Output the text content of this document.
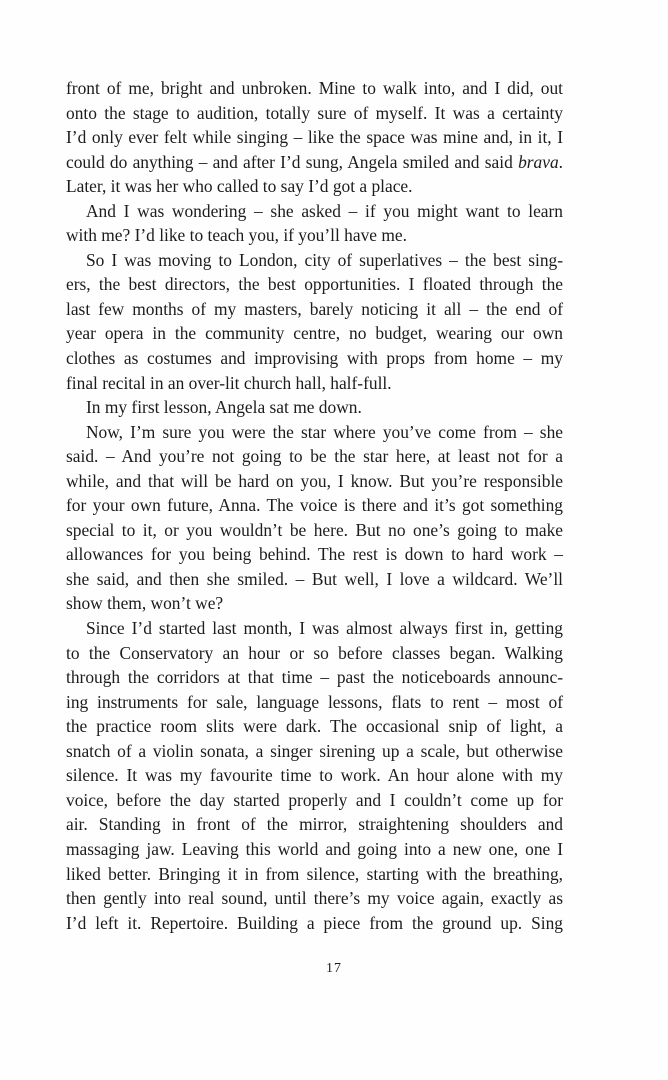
front of me, bright and unbroken. Mine to walk into, and I did, out
onto the stage to audition, totally sure of myself. It was a certainty
I’d only ever felt while singing – like the space was mine and, in it, I
could do anything – and after I’d sung, Angela smiled and said brava.
Later, it was her who called to say I’d got a place.
And I was wondering – she asked – if you might want to learn
with me? I’d like to teach you, if you’ll have me.
So I was moving to London, city of superlatives – the best sing-
ers, the best directors, the best opportunities. I floated through the
last few months of my masters, barely noticing it all – the end of
year opera in the community centre, no budget, wearing our own
clothes as costumes and improvising with props from home – my
final recital in an over-lit church hall, half-full.
In my first lesson, Angela sat me down.
Now, I’m sure you were the star where you’ve come from – she
said. – And you’re not going to be the star here, at least not for a
while, and that will be hard on you, I know. But you’re responsible
for your own future, Anna. The voice is there and it’s got something
special to it, or you wouldn’t be here. But no one’s going to make
allowances for you being behind. The rest is down to hard work –
she said, and then she smiled. – But well, I love a wildcard. We’ll
show them, won’t we?
Since I’d started last month, I was almost always first in, getting
to the Conservatory an hour or so before classes began. Walking
through the corridors at that time – past the noticeboards announc-
ing instruments for sale, language lessons, flats to rent – most of
the practice room slits were dark. The occasional snip of light, a
snatch of a violin sonata, a singer sirening up a scale, but otherwise
silence. It was my favourite time to work. An hour alone with my
voice, before the day started properly and I couldn’t come up for
air. Standing in front of the mirror, straightening shoulders and
massaging jaw. Leaving this world and going into a new one, one I
liked better. Bringing it in from silence, starting with the breathing,
then gently into real sound, until there’s my voice again, exactly as
I’d left it. Repertoire. Building a piece from the ground up. Sing
17
